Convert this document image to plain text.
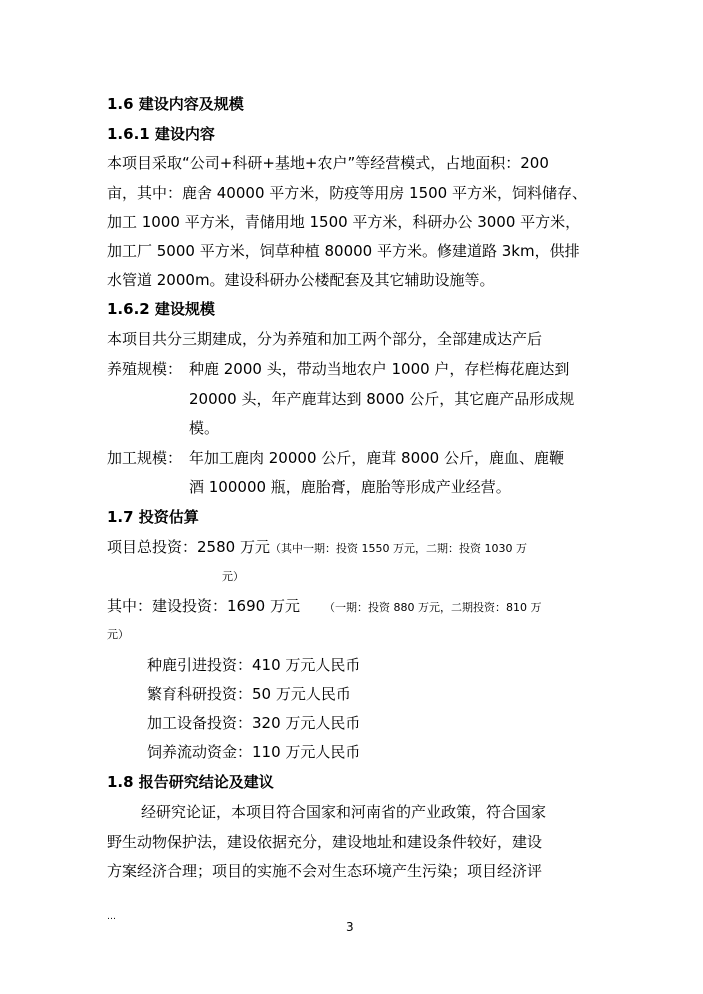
1.6 建设内容及规模
1.6.1 建设内容
本项目采取“公司+科研+基地+农户”等经营模式，占地面积：200
亩，其中：鹿舍 40000 平方米，防疫等用房 1500 平方米，饲料储存、
加工 1000 平方米，青储用地 1500 平方米，科研办公 3000 平方米，
加工厂 5000 平方米，饲草种植 80000 平方米。修建道路 3km，供排
水管道 2000m。建设科研办公楼配套及其它辅助设施等。
1.6.2 建设规模
本项目共分三期建成，分为养殖和加工两个部分，全部建成达产后
养殖规模： 种鹿 2000 头，带动当地农户 1000 户，存栏梅花鹿达到
20000 头，年产鹿茸达到 8000 公斤，其它鹿产品形成规
模。
加工规模： 年加工鹿肉 20000 公斤，鹿茸 8000 公斤，鹿血、鹿鞭
酒 100000 瓶，鹿胎膏，鹿胎等形成产业经营。
1.7 投资估算
项目总投资：2580 万元（其中一期：投资 1550 万元，二期：投资 1030 万
元）
其中：建设投资：1690 万元 （一期：投资 880 万元，二期投资：810 万
元）
种鹿引进投资：410 万元人民币
繁育科研投资：50 万元人民币
加工设备投资：320 万元人民币
饲养流动资金：110 万元人民币
1.8 报告研究结论及建议
经研究论证，本项目符合国家和河南省的产业政策，符合国家
野生动物保护法，建设依据充分，建设地址和建设条件较好，建设
方案经济合理；项目的实施不会对生态环境产生污染；项目经济评
…
3
